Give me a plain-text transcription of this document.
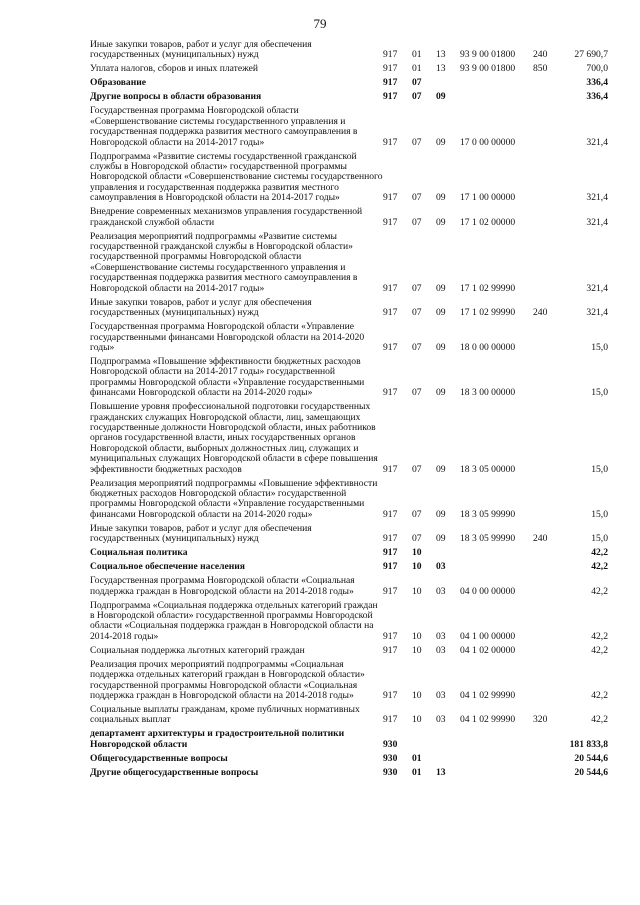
79
Иные закупки товаров, работ и услуг для обеспечения государственных (муниципальных) нужд	917	01	13	93 9 00 01800	240	27 690,7
Уплата налогов, сборов и иных платежей	917	01	13	93 9 00 01800	850	700,0
Образование	917	07				336,4
Другие вопросы в области образования	917	07	09			336,4
Государственная программа Новгородской области «Совершенствование системы государственного управления и государственная поддержка развития местного самоуправления в Новгородской области на 2014-2017 годы»	917	07	09	17 0 00 00000		321,4
Подпрограмма «Развитие системы государственной гражданской службы в Новгородской области» государственной программы Новгородской области «Совершенствование системы государственного управления и государственная поддержка развития местного самоуправления в Новгородской области на 2014-2017 годы»	917	07	09	17 1 00 00000		321,4
Внедрение современных механизмов управления государственной гражданской службой области	917	07	09	17 1 02 00000		321,4
Реализация мероприятий подпрограммы «Развитие системы государственной гражданской службы в Новгородской области» государственной программы Новгородской области «Совершенствование системы государственного управления и государственная поддержка развития местного самоуправления в Новгородской области на 2014-2017 годы»	917	07	09	17 1 02 99990		321,4
Иные закупки товаров, работ и услуг для обеспечения государственных (муниципальных) нужд	917	07	09	17 1 02 99990	240	321,4
Государственная программа Новгородской области «Управление государственными финансами Новгородской области на 2014-2020 годы»	917	07	09	18 0 00 00000		15,0
Подпрограмма «Повышение эффективности бюджетных расходов Новгородской области на 2014-2017 годы» государственной программы Новгородской области «Управление государственными финансами Новгородской области на 2014-2020 годы»	917	07	09	18 3 00 00000		15,0
Повышение уровня профессиональной подготовки государственных гражданских служащих Новгородской области, лиц, замещающих государственные должности Новгородской области, иных работников органов государственной власти, иных государственных органов Новгородской области, выборных должностных лиц, служащих и муниципальных служащих Новгородской области в сфере повышения эффективности бюджетных расходов	917	07	09	18 3 05 00000		15,0
Реализация мероприятий подпрограммы «Повышение эффективности бюджетных расходов Новгородской области» государственной программы Новгородской области «Управление государственными финансами Новгородской области на 2014-2020 годы»	917	07	09	18 3 05 99990		15,0
Иные закупки товаров, работ и услуг для обеспечения государственных (муниципальных) нужд	917	07	09	18 3 05 99990	240	15,0
Социальная политика	917	10				42,2
Социальное обеспечение населения	917	10	03			42,2
Государственная программа Новгородской области «Социальная поддержка граждан в Новгородской области на 2014-2018 годы»	917	10	03	04 0 00 00000		42,2
Подпрограмма «Социальная поддержка отдельных категорий граждан в Новгородской области» государственной программы Новгородской области «Социальная поддержка граждан в Новгородской области на 2014-2018 годы»	917	10	03	04 1 00 00000		42,2
Социальная поддержка льготных категорий граждан	917	10	03	04 1 02 00000		42,2
Реализация прочих мероприятий подпрограммы «Социальная поддержка отдельных категорий граждан в Новгородской области» государственной программы Новгородской области «Социальная поддержка граждан в Новгородской области на 2014-2018 годы»	917	10	03	04 1 02 99990		42,2
Социальные выплаты гражданам, кроме публичных нормативных социальных выплат	917	10	03	04 1 02 99990	320	42,2
департамент архитектуры и градостроительной политики Новгородской области	930					181 833,8
Общегосударственные вопросы	930	01				20 544,6
Другие общегосударственные вопросы	930	01	13			20 544,6
